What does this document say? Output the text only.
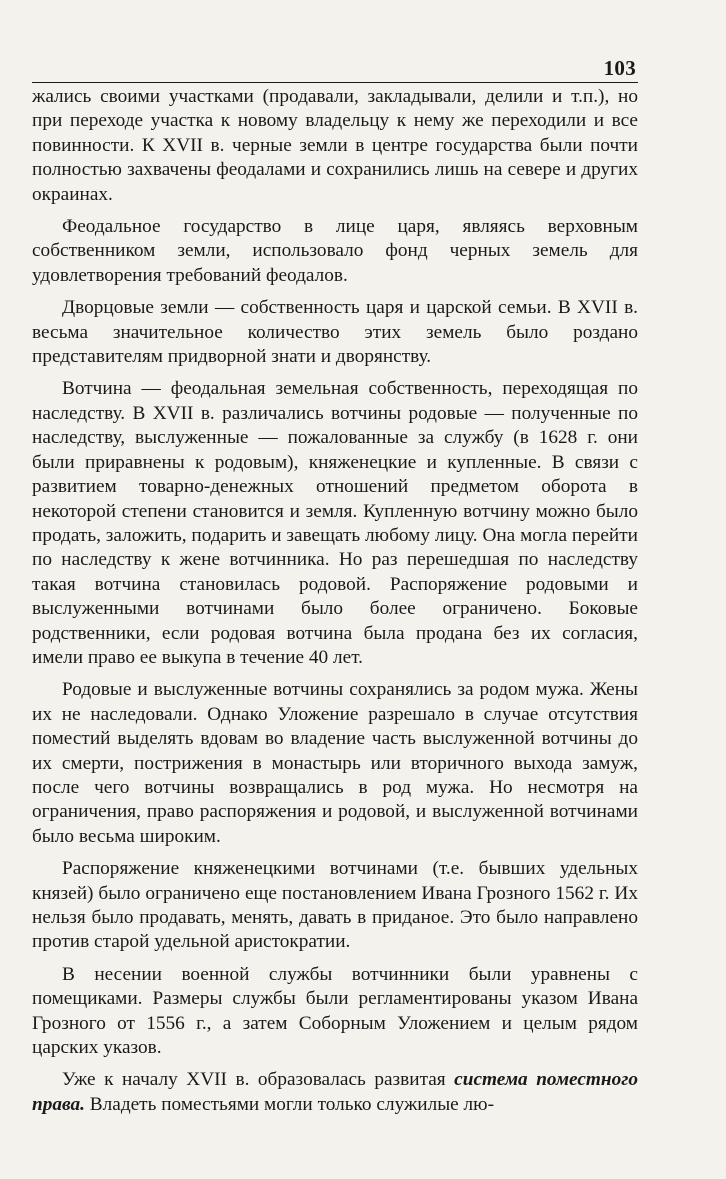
103

жались своими участками (продавали, закладывали, делили и т.п.), но при переходе участка к новому владельцу к нему же переходили и все повинности. К XVII в. черные земли в центре государства были почти полностью захвачены феодалами и сохранились лишь на севере и других окраинах.

Феодальное государство в лице царя, являясь верховным собственником земли, использовало фонд черных земель для удовлетворения требований феодалов.

Дворцовые земли — собственность царя и царской семьи. В XVII в. весьма значительное количество этих земель было роздано представителям придворной знати и дворянству.

Вотчина — феодальная земельная собственность, переходящая по наследству. В XVII в. различались вотчины родовые — полученные по наследству, выслуженные — пожалованные за службу (в 1628 г. они были приравнены к родовым), княженецкие и купленные. В связи с развитием товарно-денежных отношений предметом оборота в некоторой степени становится и земля. Купленную вотчину можно было продать, заложить, подарить и завещать любому лицу. Она могла перейти по наследству к жене вотчинника. Но раз перешедшая по наследству такая вотчина становилась родовой. Распоряжение родовыми и выслуженными вотчинами было более ограничено. Боковые родственники, если родовая вотчина была продана без их согласия, имели право ее выкупа в течение 40 лет.

Родовые и выслуженные вотчины сохранялись за родом мужа. Жены их не наследовали. Однако Уложение разрешало в случае отсутствия поместий выделять вдовам во владение часть выслуженной вотчины до их смерти, пострижения в монастырь или вторичного выхода замуж, после чего вотчины возвращались в род мужа. Но несмотря на ограничения, право распоряжения и родовой, и выслуженной вотчинами было весьма широким.

Распоряжение княженецкими вотчинами (т.е. бывших удельных князей) было ограничено еще постановлением Ивана Грозного 1562 г. Их нельзя было продавать, менять, давать в приданое. Это было направлено против старой удельной аристократии.

В несении военной службы вотчинники были уравнены с помещиками. Размеры службы были регламентированы указом Ивана Грозного от 1556 г., а затем Соборным Уложением и целым рядом царских указов.

Уже к началу XVII в. образовалась развитая система поместного права. Владеть поместьями могли только служилые лю-
